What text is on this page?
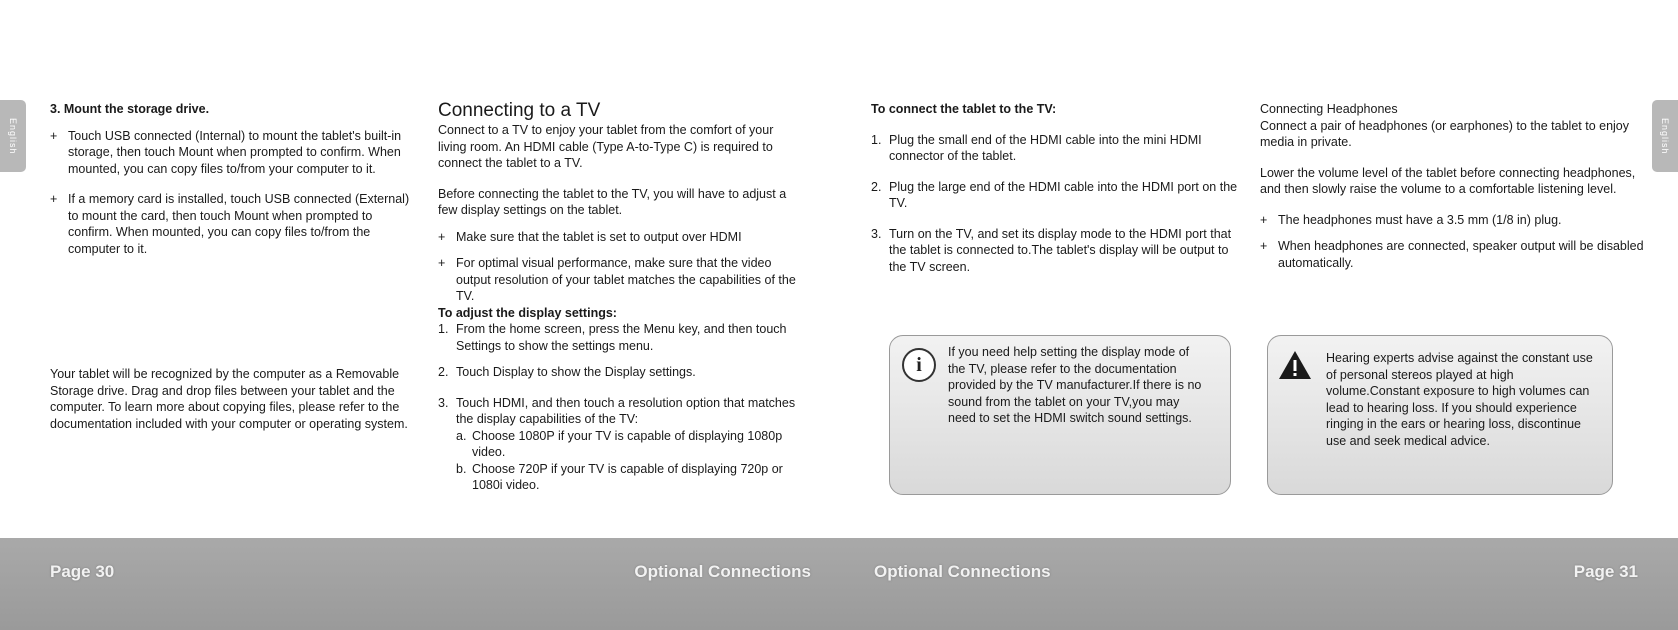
English

3. Mount the storage drive.

+ Touch USB connected (Internal) to mount the tablet's built-in storage, then touch Mount when prompted to confirm. When mounted, you can copy files to/from your computer to it.
+ If a memory card is installed, touch USB connected (External) to mount the card, then touch Mount when prompted to confirm. When mounted, you can copy files to/from the computer to it.

Your tablet will be recognized by the computer as a Removable Storage drive. Drag and drop files between your tablet and the computer. To learn more about copying files, please refer to the documentation included with your computer or operating system.

Connecting to a TV

Connect to a TV to enjoy your tablet from the comfort of your living room. An HDMI cable (Type A-to-Type C) is required to connect the tablet to a TV.

Before connecting the tablet to the TV, you will have to adjust a few display settings on the tablet.

+ Make sure that the tablet is set to output over HDMI
+ For optimal visual performance, make sure that the video output resolution of your tablet matches the capabilities of the TV.

To adjust the display settings:

1. From the home screen, press the Menu key, and then touch Settings to show the settings menu.
2. Touch Display to show the Display settings.
3. Touch HDMI, and then touch a resolution option that matches the display capabilities of the TV:
a. Choose 1080P if your TV is capable of displaying 1080p video.
b. Choose 720P if your TV is capable of displaying 720p or 1080i video.
Page 30	Optional Connections
English

To connect the tablet to the TV:

1. Plug the small end of the HDMI cable into the mini HDMI connector of the tablet.
2. Plug the large end of the HDMI cable into the HDMI port on the TV.
3. Turn on the TV, and set its display mode to the HDMI port that the tablet is connected to.The tablet's display will be output to the TV screen.
i

If you need help setting the display mode of the TV, please refer to the documentation provided by the TV manufacturer.If there is no sound from the tablet on your TV,you may need to set the HDMI switch sound settings.

Connecting Headphones

Connect a pair of headphones (or earphones) to the tablet to enjoy media in private.

Lower the volume level of the tablet before connecting headphones, and then slowly raise the volume to a comfortable listening level.

+ The headphones must have a 3.5 mm (1/8 in) plug.
+ When headphones are connected, speaker output will be disabled automatically.

Hearing experts advise against the constant use of personal stereos played at high volume.Constant exposure to high volumes can lead to hearing loss. If you should experience ringing in the ears or hearing loss, discontinue use and seek medical advice.

Optional Connections	Page 31
